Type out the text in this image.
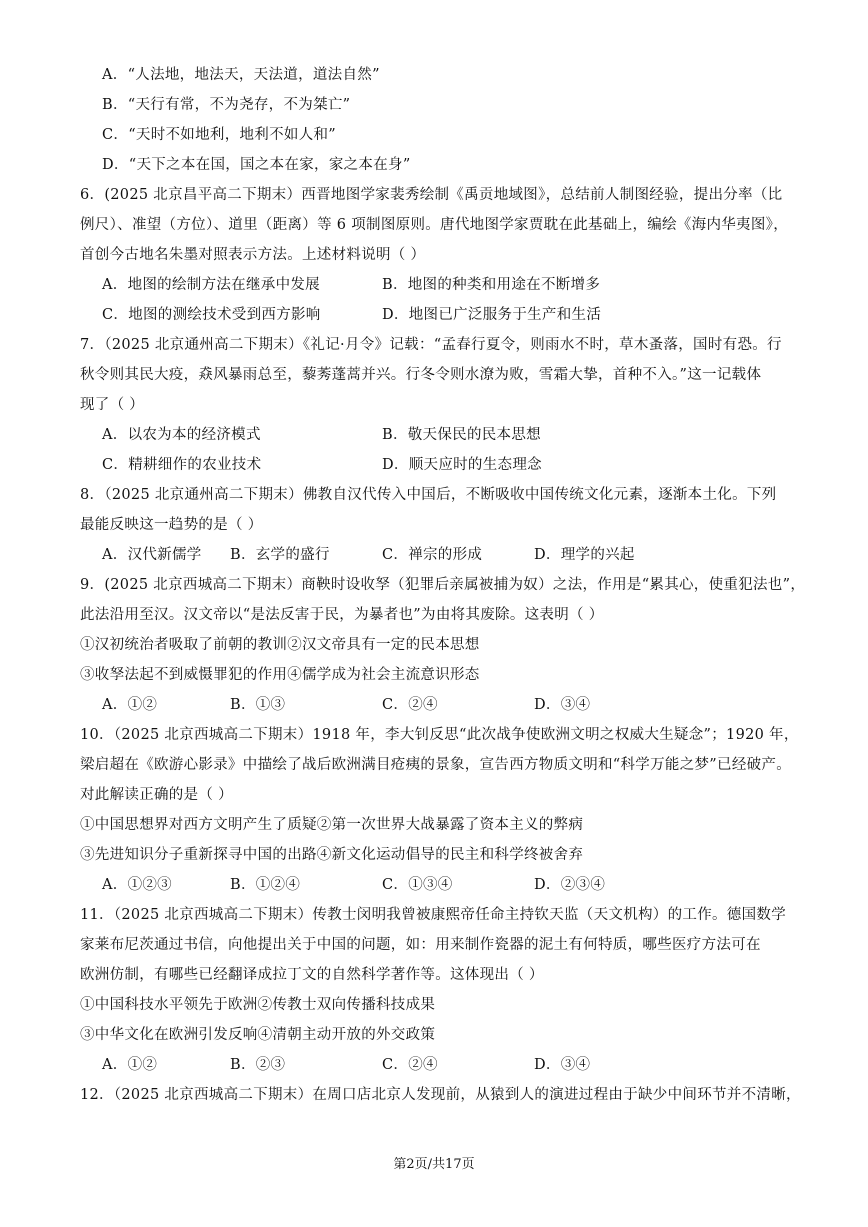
A．“人法地，地法天，天法道，道法自然”
B．“天行有常，不为尧存，不为桀亡”
C．“天时不如地利，地利不如人和”
D．“天下之本在国，国之本在家，家之本在身”
6．(2025 北京昌平高二下期末）西晋地图学家裴秀绘制《禹贡地域图》，总结前人制图经验，提出分率（比
例尺）、准望（方位）、道里（距离）等 6 项制图原则。唐代地图学家贾耽在此基础上，编绘《海内华夷图》，
首创今古地名朱墨对照表示方法。上述材料说明（ ）
A．地图的绘制方法在继承中发展	B．地图的种类和用途在不断增多
C．地图的测绘技术受到西方影响	D．地图已广泛服务于生产和生活
7．（2025 北京通州高二下期末）《礼记·月令》记载：“孟春行夏令，则雨水不时，草木蚤落，国时有恐。行
秋令则其民大疫，猋风暴雨总至，藜莠蓬蒿并兴。行冬令则水潦为败，雪霜大挚，首种不入。”这一记载体
现了（ ）
A．以农为本的经济模式	B．敬天保民的民本思想
C．精耕细作的农业技术	D．顺天应时的生态理念
8．（2025 北京通州高二下期末）佛教自汉代传入中国后，不断吸收中国传统文化元素，逐渐本土化。下列
最能反映这一趋势的是（ ）
A．汉代新儒学 B．玄学的盛行	C．禅宗的形成	D．理学的兴起
9．(2025 北京西城高二下期末）商鞅时设收孥（犯罪后亲属被捕为奴）之法，作用是“累其心，使重犯法也”，
此法沿用至汉。汉文帝以“是法反害于民，为暴者也”为由将其废除。这表明（ ）
①汉初统治者吸取了前朝的教训②汉文帝具有一定的民本思想
③收孥法起不到威慑罪犯的作用④儒学成为社会主流意识形态
A．①②	B．①③	C．②④	D．③④
10．（2025 北京西城高二下期末）1918 年，李大钊反思“此次战争使欧洲文明之权威大生疑念”；1920 年，
梁启超在《欧游心影录》中描绘了战后欧洲满目疮痍的景象，宣告西方物质文明和“科学万能之梦”已经破产。
对此解读正确的是（ ）
①中国思想界对西方文明产生了质疑②第一次世界大战暴露了资本主义的弊病
③先进知识分子重新探寻中国的出路④新文化运动倡导的民主和科学终被舍弃
A．①②③	B．①②④	C．①③④	D．②③④
11．（2025 北京西城高二下期末）传教士闵明我曾被康熙帝任命主持钦天监（天文机构）的工作。德国数学
家莱布尼茨通过书信，向他提出关于中国的问题，如：用来制作瓷器的泥土有何特质，哪些医疗方法可在
欧洲仿制，有哪些已经翻译成拉丁文的自然科学著作等。这体现出（ ）
①中国科技水平领先于欧洲②传教士双向传播科技成果
③中华文化在欧洲引发反响④清朝主动开放的外交政策
A．①②	B．②③	C．②④	D．③④
12．（2025 北京西城高二下期末）在周口店北京人发现前，从猿到人的演进过程由于缺少中间环节并不清晰，
第2页/共17页
